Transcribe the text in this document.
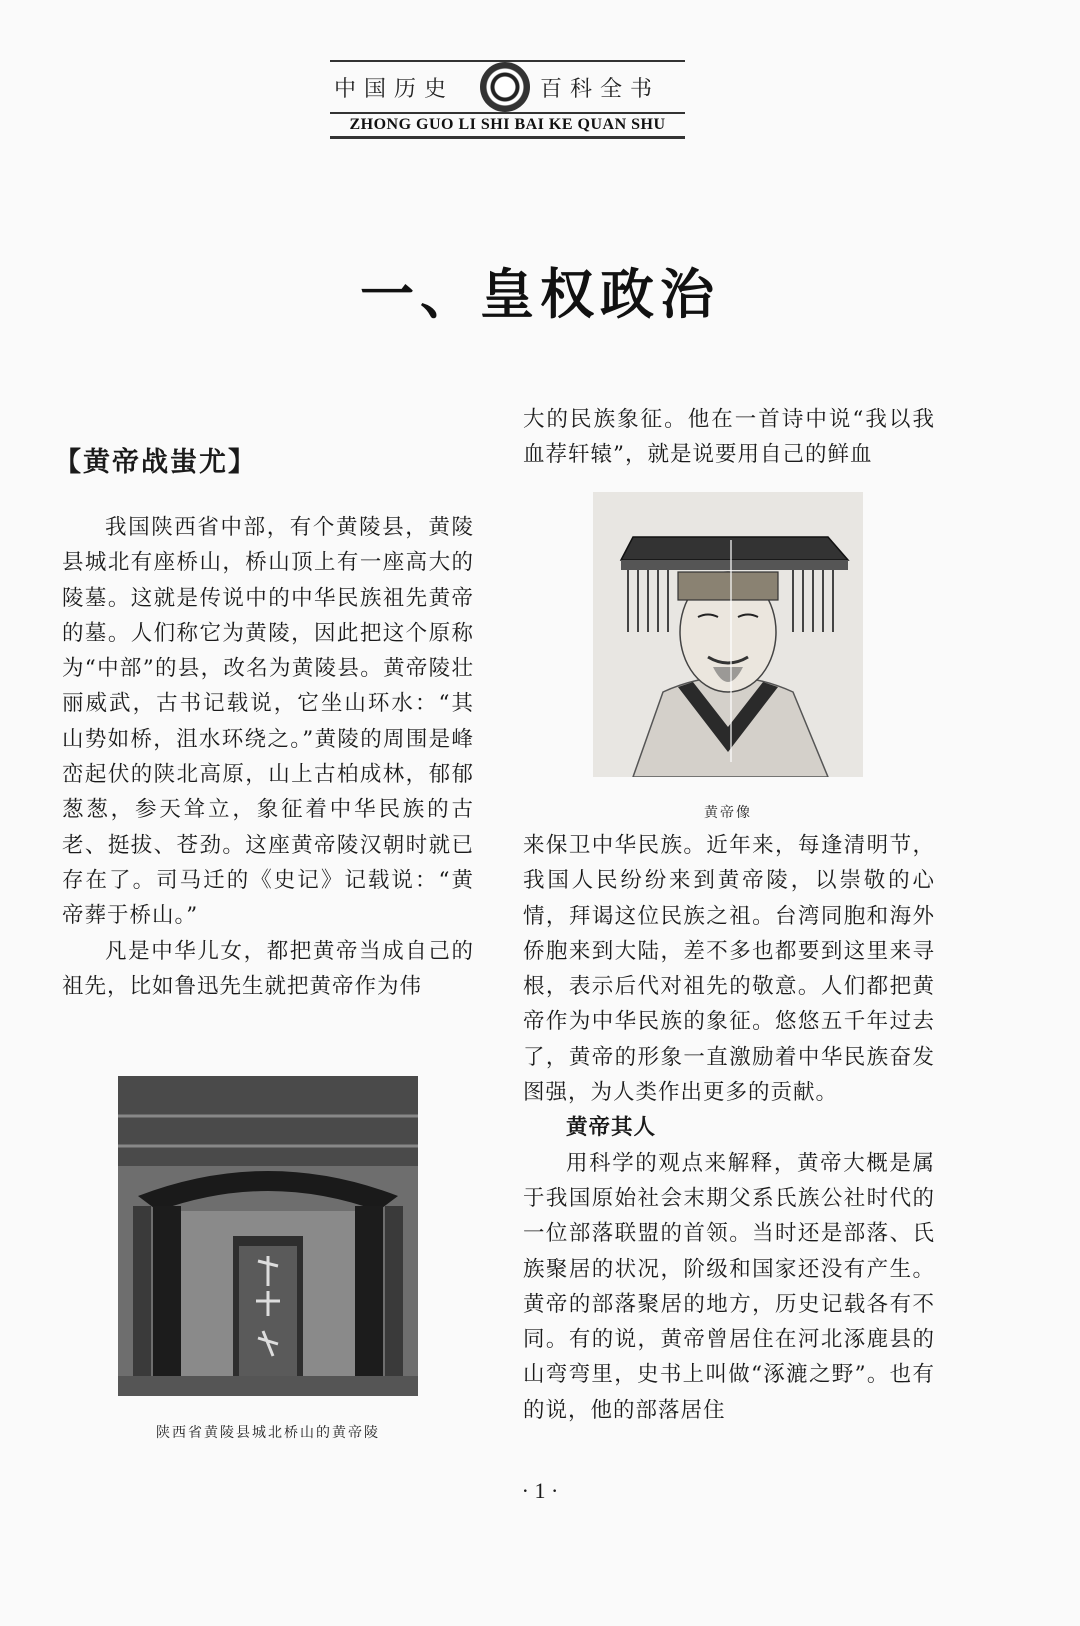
中国历史	百科全书
ZHONG GUO LI SHI BAI KE QUAN SHU
一、皇权政治
【黄帝战蚩尤】

我国陕西省中部，有个黄陵县，黄陵县城北有座桥山，桥山顶上有一座高大的陵墓。这就是传说中的中华民族祖先黄帝的墓。人们称它为黄陵，因此把这个原称为“中部”的县，改名为黄陵县。黄帝陵壮丽威武，古书记载说，它坐山环水：“其山势如桥，沮水环绕之。”黄陵的周围是峰峦起伏的陕北高原，山上古柏成林，郁郁葱葱，参天耸立，象征着中华民族的古老、挺拔、苍劲。这座黄帝陵汉朝时就已存在了。司马迁的《史记》记载说：“黄帝葬于桥山。”

凡是中华儿女，都把黄帝当成自己的祖先，比如鲁迅先生就把黄帝作为伟

大的民族象征。他在一首诗中说“我以我血荐轩辕”，就是说要用自己的鲜血

黄帝像

来保卫中华民族。近年来，每逢清明节，我国人民纷纷来到黄帝陵，以崇敬的心情，拜谒这位民族之祖。台湾同胞和海外侨胞来到大陆，差不多也都要到这里来寻根，表示后代对祖先的敬意。人们都把黄帝作为中华民族的象征。悠悠五千年过去了，黄帝的形象一直激励着中华民族奋发图强，为人类作出更多的贡献。

黄帝其人

用科学的观点来解释，黄帝大概是属于我国原始社会末期父系氏族公社时代的一位部落联盟的首领。当时还是部落、氏族聚居的状况，阶级和国家还没有产生。黄帝的部落聚居的地方，历史记载各有不同。有的说，黄帝曾居住在河北涿鹿县的山弯弯里，史书上叫做“涿漉之野”。也有的说，他的部落居住

陕西省黄陵县城北桥山的黄帝陵
· 1 ·
